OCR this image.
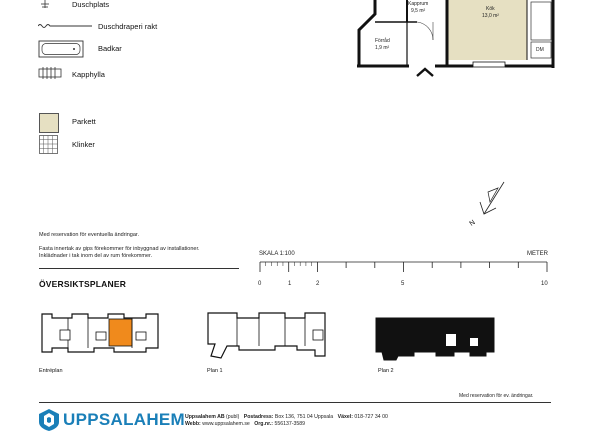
Duschplats
Duschdraperi rakt
Badkar
Kapphylla
Parkett
Klinker
Kapprum
9,5 m²	Kök
13,0 m²
Förråd
1,9 m²	DM
N
Med reservation för eventuella ändringar.
Fasta innertak av gips förekommer för inbyggnad av installationer.
Inklädnader i tak inom del av rum förekommer.	SKALA 1:100	METER
0	1	2	5	10
ÖVERSIKTSPLANER
Entréplan	Plan 1	Plan 2
Med reservation för ev. ändringar.
UPPSALAHEM Uppsalahem AB (publ) Postadress: Box 136, 751 04 Uppsala Växel: 018-727 34 00
Webb: www.uppsalahem.se Org.nr.: 556137-3589
